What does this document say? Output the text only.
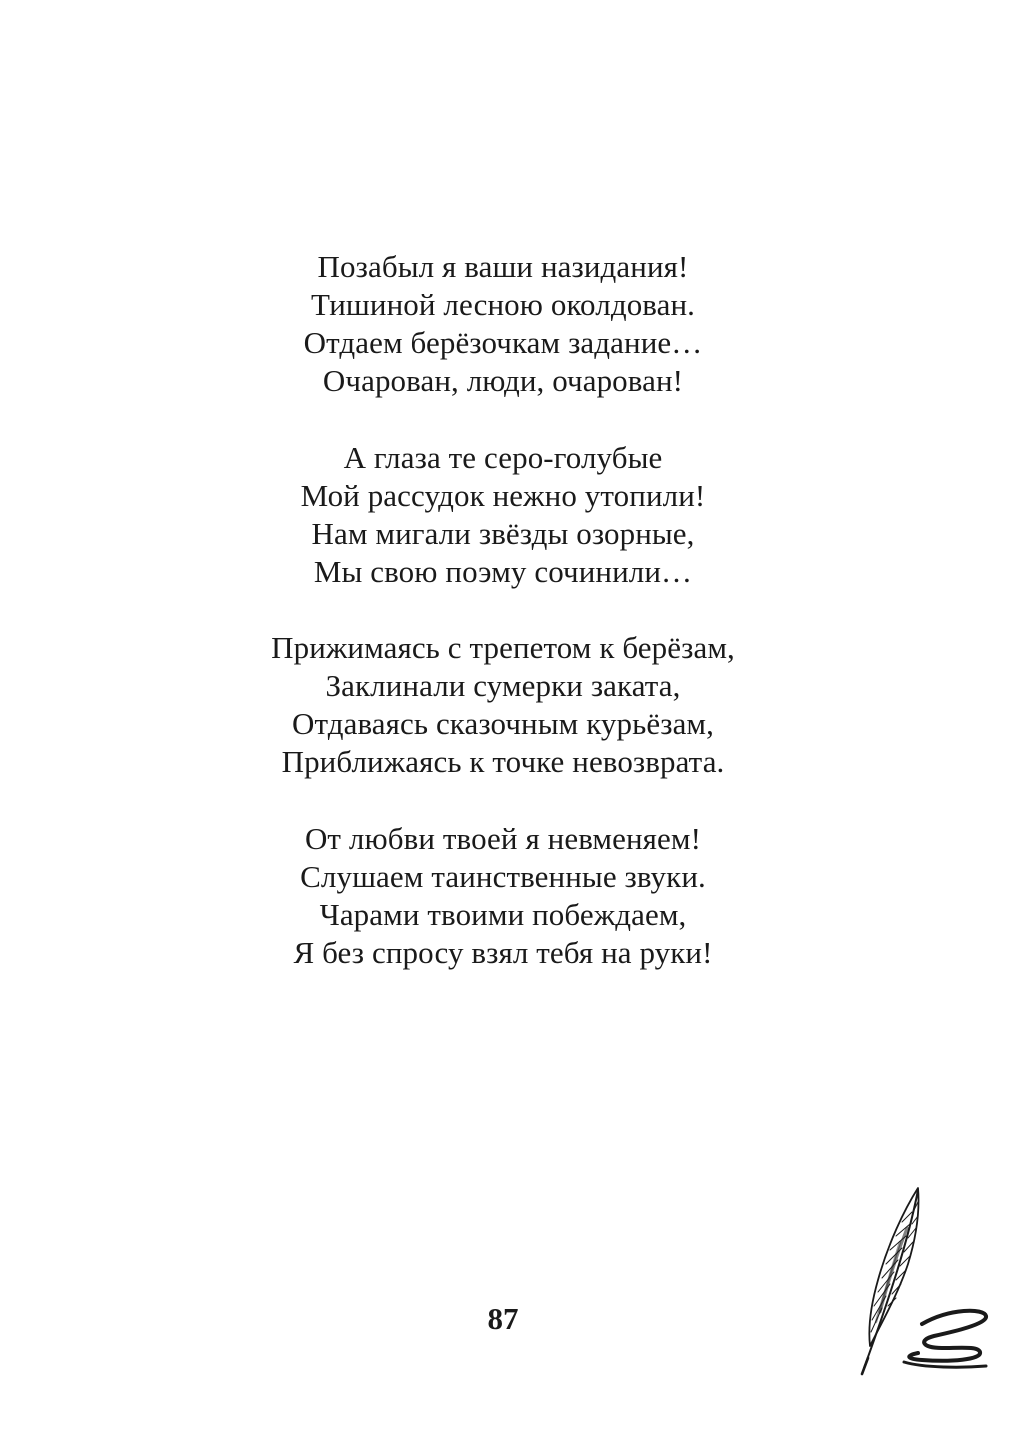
Позабыл я ваши назидания!
Тишиной лесною околдован.
Отдаем берёзочкам задание…
Очарован, люди, очарован!
А глаза те серо-голубые
Мой рассудок нежно утопили!
Нам мигали звёзды озорные,
Мы свою поэму сочинили…
Прижимаясь с трепетом к берёзам,
Заклинали сумерки заката,
Отдаваясь сказочным курьёзам,
Приближаясь к точке невозврата.
От любви твоей я невменяем!
Слушаем таинственные звуки.
Чарами твоими побеждаем,
Я без спросу взял тебя на руки!
87
